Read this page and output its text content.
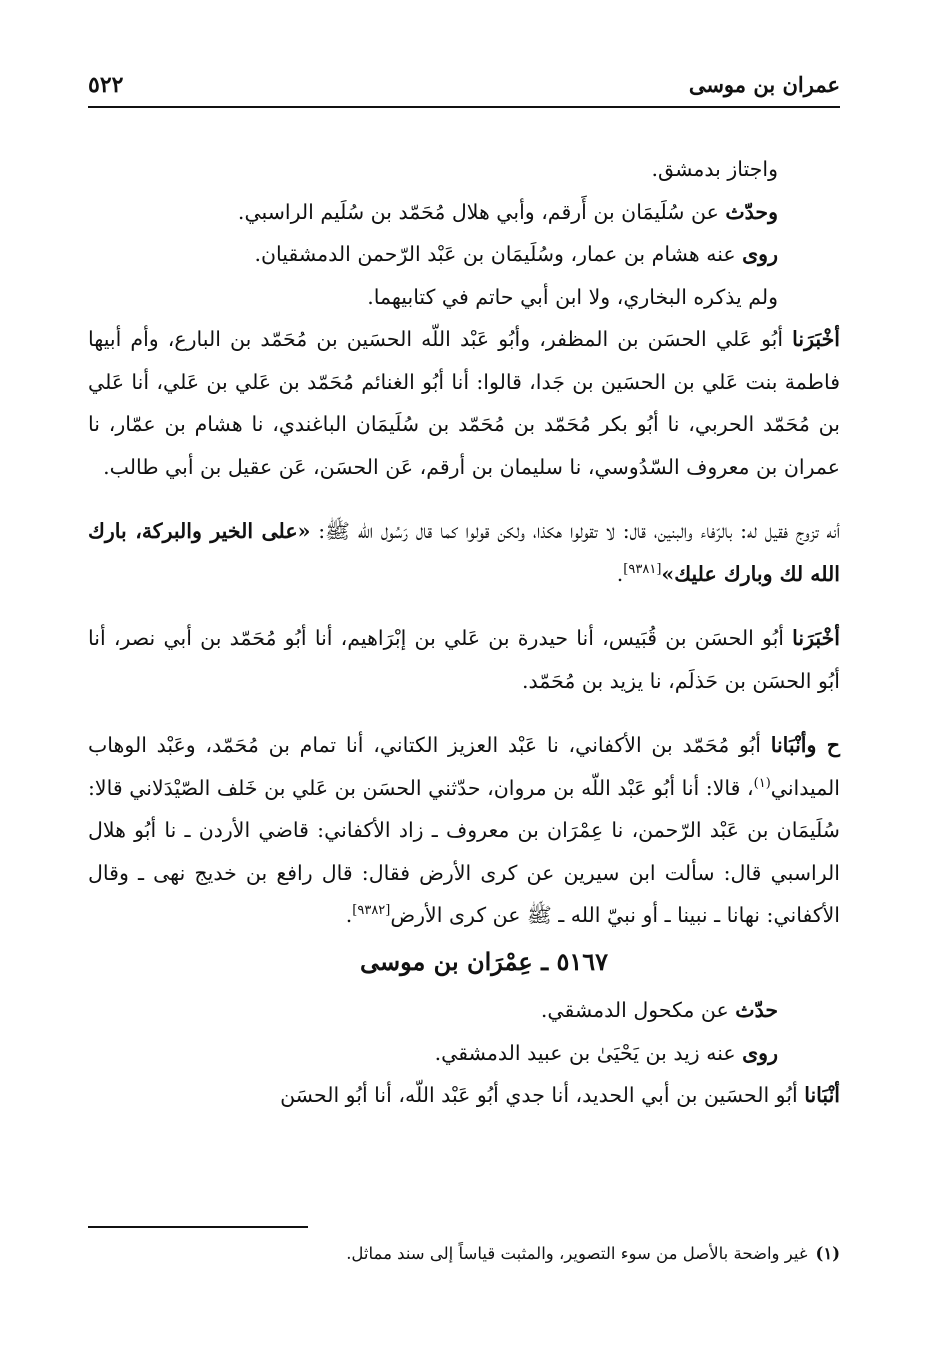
٥٢٢	عمران بن موسى

واجتاز بدمشق.

وحدّث عن سُلَيمَان بن أَرقم، وأبي هلال مُحَمّد بن سُلَيم الراسبي.

روى عنه هشام بن عمار، وسُلَيمَان بن عَبْد الرّحمن الدمشقيان.

ولم يذكره البخاري، ولا ابن أبي حاتم في كتابيهما.

أخْبَرَنا أبُو عَلي الحسَن بن المظفر، وأبُو عَبْد اللّه الحسَين بن مُحَمّد بن البارع، وأم أبيها فاطمة بنت عَلي بن الحسَين بن جَدا، قالوا: أنا أبُو الغنائم مُحَمّد بن عَلي بن عَلي، أنا عَلي بن مُحَمّد الحربي، نا أبُو بكر مُحَمّد بن مُحَمّد بن سُلَيمَان الباغندي، نا هشام بن عمّار، نا عمران بن معروف السّدُوسي، نا سليمان بن أرقم، عَن الحسَن، عَن عقيل بن أبي طالب.

أنه تزوج فقيل له: بالرّفاء والبنين، قال: لا تقولوا هكذا، ولكن قولوا كما قال رَسُول الله ﷺ: «على الخير والبركة، بارك الله لك وبارك عليك»[٩٣٨١].

أخْبَرَنا أبُو الحسَن بن قُبَيس، أنا حيدرة بن عَلي بن إبْرَاهيم، أنا أبُو مُحَمّد بن أبي نصر، أنا أبُو الحسَن بن حَذلَم، نا يزيد بن مُحَمّد.

ح وأنْبَانا أبُو مُحَمّد بن الأكفاني، نا عَبْد العزيز الكتاني، أنا تمام بن مُحَمّد، وعَبْد الوهاب الميداني$^{(١)}$، قالا: أنا أبُو عَبْد اللّه بن مروان، حدّثني الحسَن بن عَلي بن خَلف الصّيْدَلاني قالا: سُلَيمَان بن عَبْد الرّحمن، نا عِمْرَان بن معروف ـ زاد الأكفاني: قاضي الأردن ـ نا أبُو هلال الراسبي قال: سألت ابن سيرين عن كرى الأرض فقال: قال رافع بن خديج نهى ـ وقال الأكفاني: نهانا ـ نبينا ـ أو نبيّ الله ـ ﷺ عن كرى الأرض[٩٣٨٢].

٥١٦٧ ـ عِمْرَان بن موسى

حدّث عن مكحول الدمشقي.

روى عنه زيد بن يَحْيَىٰ بن عبيد الدمشقي.

أنْبَانا أبُو الحسَين بن أبي الحديد، أنا جدي أبُو عَبْد اللّه، أنا أبُو الحسَن

(١)غير واضحة بالأصل من سوء التصوير، والمثبت قياساً إلى سند مماثل.
